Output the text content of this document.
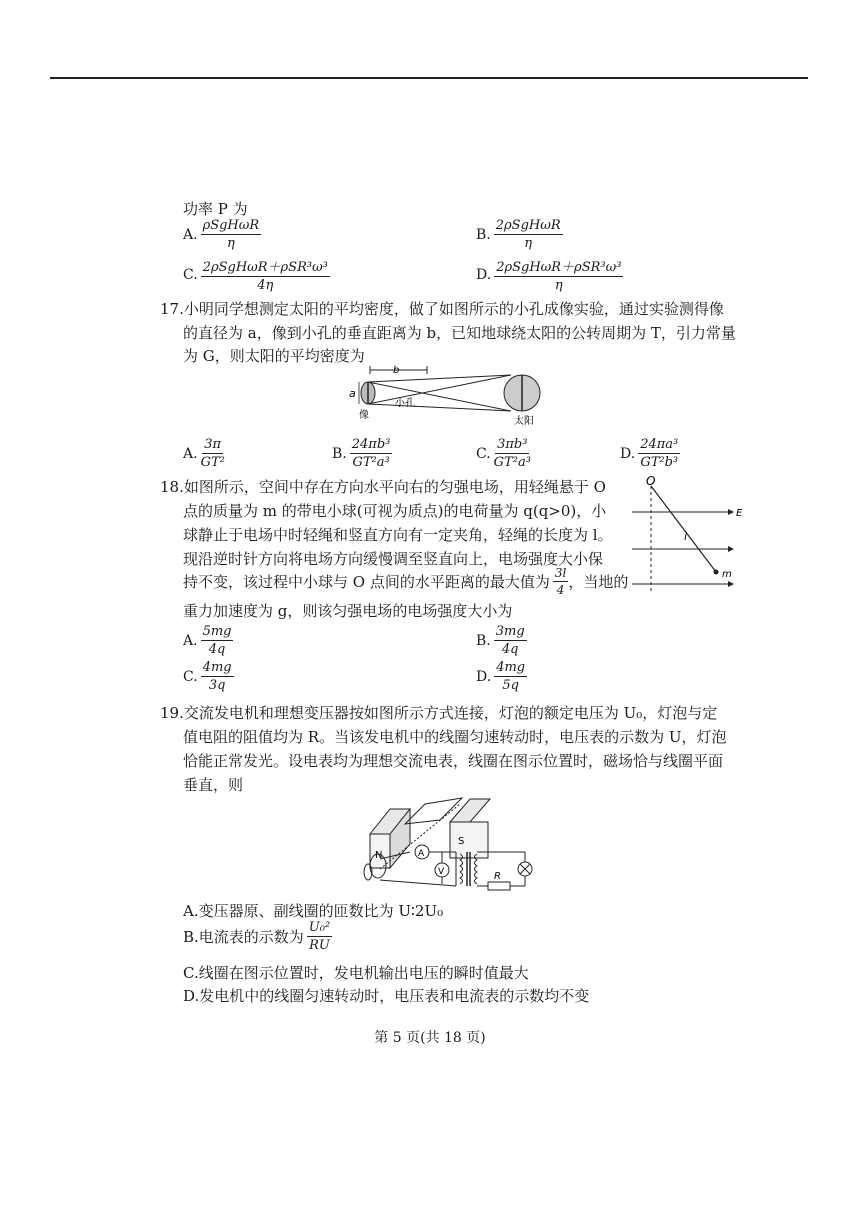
功率 P 为
A. $\frac{\text{ρSgHωR}}{\eta}$	B. $\frac{\text{2ρSgHωR}}{\eta}$
C. $\frac{\text{2ρSgHωR＋ρSR³ω³}}{4\eta}$	D. $\frac{\text{2ρSgHωR＋ρSR³ω³}}{\eta}$
17.小明同学想测定太阳的平均密度，做了如图所示的小孔成像实验，通过实验测得像
的直径为 a，像到小孔的垂直距离为 b，已知地球绕太阳的公转周期为 T，引力常量
为 G，则太阳的平均密度为
b
a
像
小孔
太阳
A. $\frac{3\pi}{\text{GT²}}$	B. $\frac{\text{24πb³}}{\text{GT²a³}}$	C. $\frac{\text{3πb³}}{\text{GT²a³}}$	D. $\frac{\text{24πa³}}{\text{GT²b³}}$
18.如图所示，空间中存在方向水平向右的匀强电场，用轻绳悬于 O
点的质量为 m 的带电小球(可视为质点)的电荷量为 q(q>0)，小
球静止于电场中时轻绳和竖直方向有一定夹角，轻绳的长度为 l。
现沿逆时针方向将电场方向缓慢调至竖直向上，电场强度大小保
持不变，该过程中小球与 O 点间的水平距离的最大值为 $\frac{3l}{4}$ ，当地的
重力加速度为 g，则该匀强电场的电场强度大小为
O
E
l
m
A. $\frac{5mg}{4q}$	B. $\frac{3mg}{4q}$
C. $\frac{4mg}{3q}$	D. $\frac{4mg}{5q}$
19.交流发电机和理想变压器按如图所示方式连接，灯泡的额定电压为 U₀，灯泡与定
值电阻的阻值均为 R。当该发电机中的线圈匀速转动时，电压表的示数为 U，灯泡
恰能正常发光。设电表均为理想交流电表，线圈在图示位置时，磁场恰与线圈平面
垂直，则
N
S
A
V	R
A.变压器原、副线圈的匝数比为 U∶2U₀
B.电流表的示数为 $\frac{\text{U₀²}}{RU}$
C.线圈在图示位置时，发电机输出电压的瞬时值最大
D.发电机中的线圈匀速转动时，电压表和电流表的示数均不变
第 5 页(共 18 页)
